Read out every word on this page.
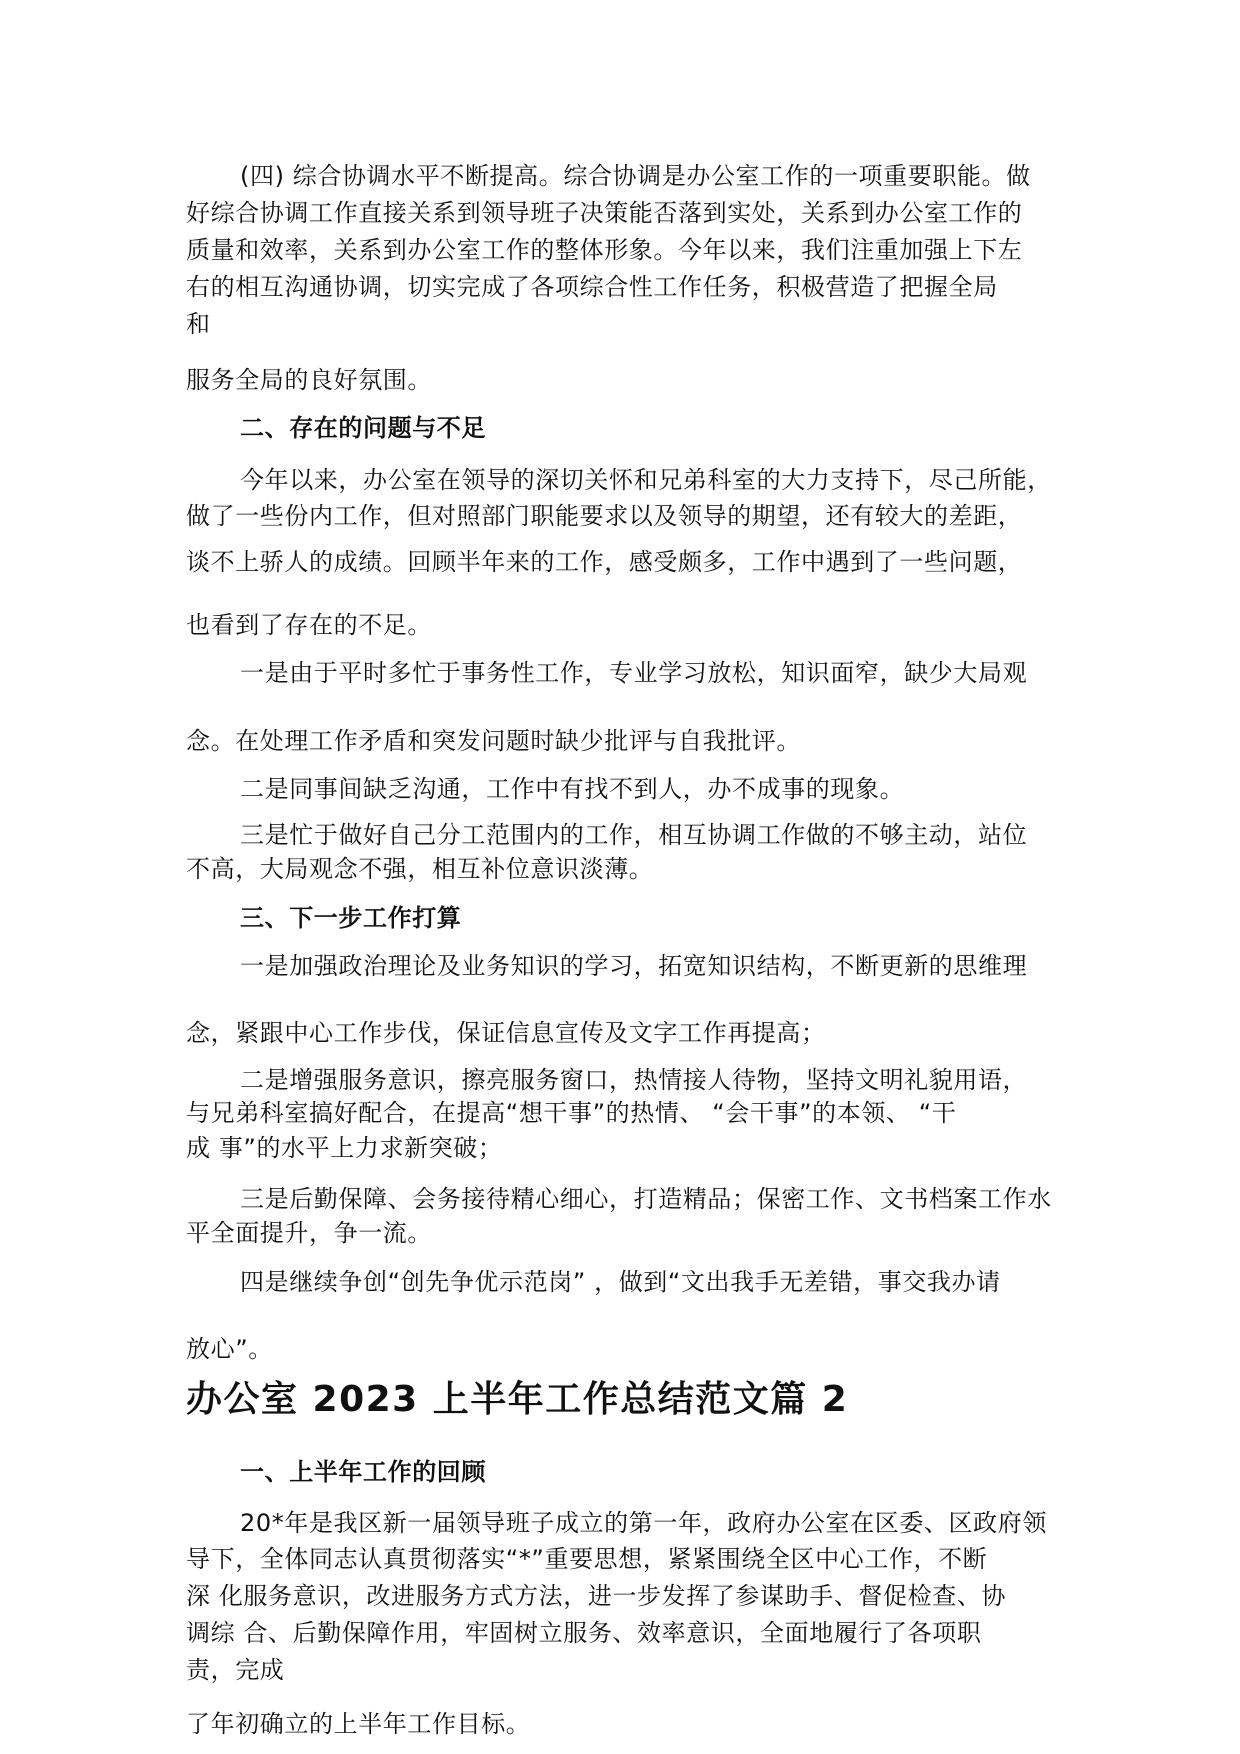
(四) 综合协调水平不断提高。综合协调是办公室工作的一项重要职能。做
好综合协调工作直接关系到领导班子决策能否落到实处，关系到办公室工作的
质量和效率，关系到办公室工作的整体形象。今年以来，我们注重加强上下左
右的相互沟通协调，切实完成了各项综合性工作任务，积极营造了把握全局
和
服务全局的良好氛围。
二、存在的问题与不足
今年以来，办公室在领导的深切关怀和兄弟科室的大力支持下，尽己所能，
做了一些份内工作，但对照部门职能要求以及领导的期望，还有较大的差距，
谈不上骄人的成绩。回顾半年来的工作，感受颇多，工作中遇到了一些问题，
也看到了存在的不足。
一是由于平时多忙于事务性工作，专业学习放松，知识面窄，缺少大局观
念。在处理工作矛盾和突发问题时缺少批评与自我批评。
二是同事间缺乏沟通，工作中有找不到人，办不成事的现象。
三是忙于做好自己分工范围内的工作，相互协调工作做的不够主动，站位
不高，大局观念不强，相互补位意识淡薄。
三、下一步工作打算
一是加强政治理论及业务知识的学习，拓宽知识结构，不断更新的思维理
念，紧跟中心工作步伐，保证信息宣传及文字工作再提高；
二是增强服务意识，擦亮服务窗口，热情接人待物，坚持文明礼貌用语，
与兄弟科室搞好配合，在提高“想干事”的热情、 “会干事”的本领、 “干
成 事”的水平上力求新突破；
三是后勤保障、会务接待精心细心，打造精品；保密工作、文书档案工作水
平全面提升，争一流。
四是继续争创“创先争优示范岗” ，做到“文出我手无差错，事交我办请
放心”。
办公室 2023 上半年工作总结范文篇 2
一、上半年工作的回顾
20*年是我区新一届领导班子成立的第一年，政府办公室在区委、区政府领
导下，全体同志认真贯彻落实“*”重要思想，紧紧围绕全区中心工作，不断
深 化服务意识，改进服务方式方法，进一步发挥了参谋助手、督促检查、协
调综 合、后勤保障作用，牢固树立服务、效率意识，全面地履行了各项职
责，完成
了年初确立的上半年工作目标。
